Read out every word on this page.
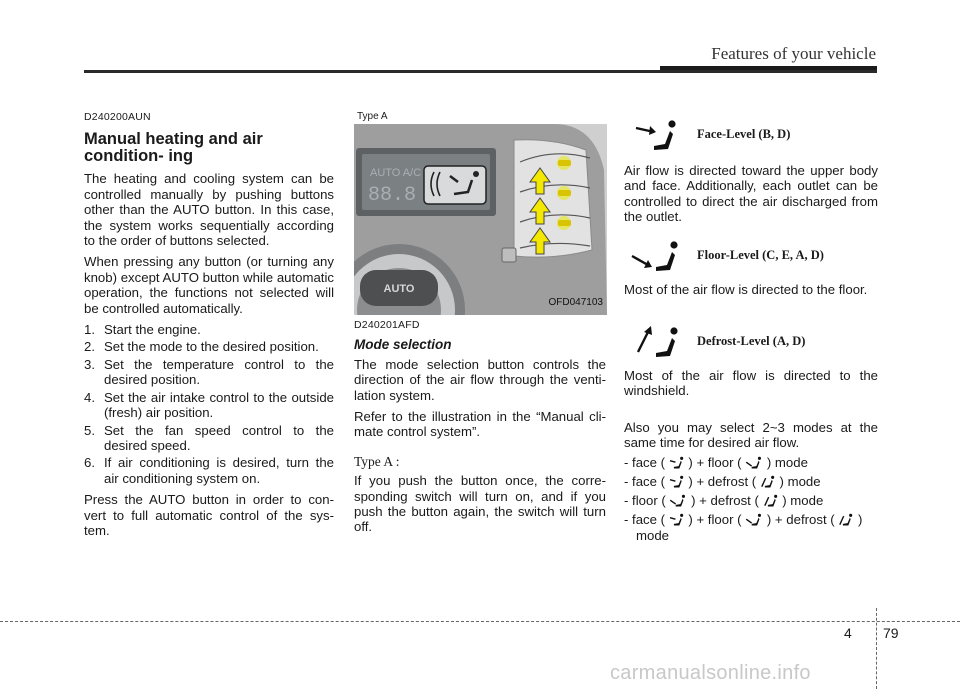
Features of your vehicle
D240200AUN
Manual heating and air condition- ing

The heating and cooling system can be controlled manually by pushing buttons other than the AUTO button. In this case, the system works sequentially according to the order of buttons selected.

When pressing any button (or turning any knob) except AUTO button while automatic operation, the functions not selected will be controlled automatically.

1. Start the engine.
2. Set the mode to the desired position.
3. Set the temperature control to the desired position.
4. Set the air intake control to the outside (fresh) air position.
5. Set the fan speed control to the desired speed.
6. If air conditioning is desired, turn the air conditioning system on.

Press the AUTO button in order to con- vert to full automatic control of the sys- tem.

AUTO A/C
88.8
AUTO
Type A
OFD047103
D240201AFD
Mode selection

The mode selection button controls the direction of the air flow through the venti- lation system.

Refer to the illustration in the “Manual cli- mate control system”.

Type A :

If you push the button once, the corre- sponding switch will turn on, and if you push the button again, the switch will turn off.

Face-Level (B, D)

Air flow is directed toward the upper body and face. Additionally, each outlet can be controlled to direct the air discharged from the outlet.

Floor-Level (C, E, A, D)

Most of the air flow is directed to the floor.

Defrost-Level (A, D)

Most of the air flow is directed to the windshield.

Also you may select 2~3 modes at the same time for desired air flow.

- face ( ) + floor ( ) mode
- face ( ) + defrost ( ) mode
- floor ( ) + defrost ( ) mode
- face ( ) + floor ( ) + defrost ( )
mode
4 79
carmanualsonline.info
